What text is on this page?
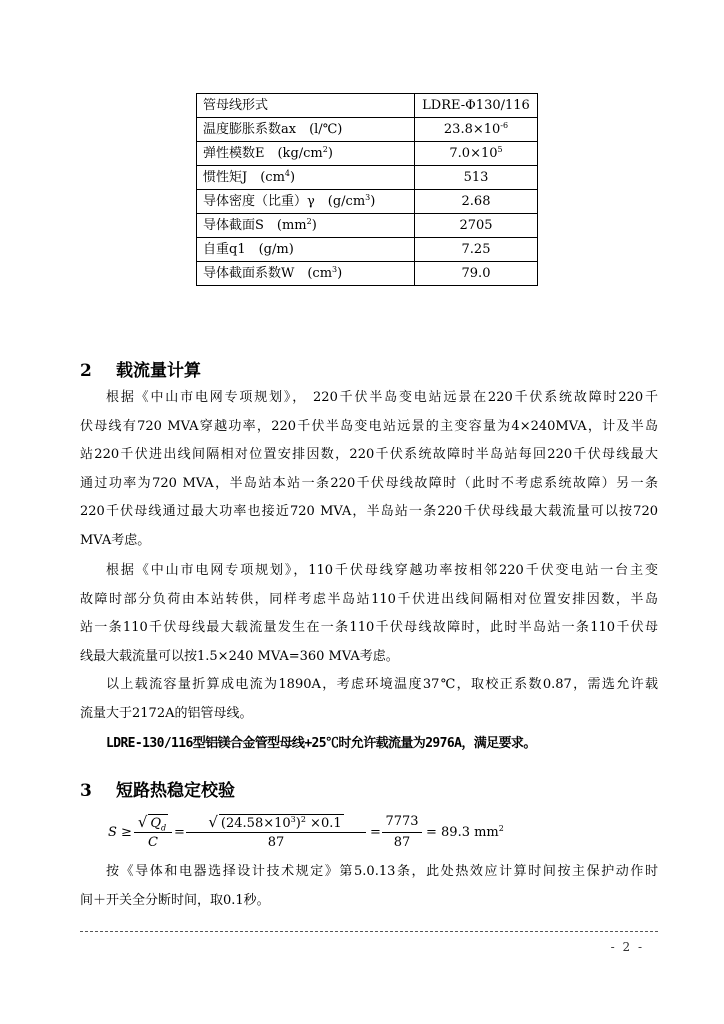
管母线形式	LDRE-Φ130/116
温度膨胀系数ax　(l/℃)	$23.8\times 10^{-6}$
弹性模数E　$(kg/cm^2)$	$7.0\times 10^5$
惯性矩J　$(cm^4)$	513
导体密度（比重）γ　$(g/cm^3)$	2.68
导体截面S　$(mm^2)$	2705
自重q1　(g/m)	7.25
导体截面系数W　$(cm^3)$	79.0
2 载流量计算
根据《中山市电网专项规划》， 220千伏半岛变电站远景在220千伏系统故障时220千
伏母线有720 MVA穿越功率，220千伏半岛变电站远景的主变容量为4×240MVA，计及半岛
站220千伏进出线间隔相对位置安排因数，220千伏系统故障时半岛站每回220千伏母线最大
通过功率为720 MVA，半岛站本站一条220千伏母线故障时（此时不考虑系统故障）另一条
220千伏母线通过最大功率也接近720 MVA，半岛站一条220千伏母线最大载流量可以按720
MVA考虑。
根据《中山市电网专项规划》，110千伏母线穿越功率按相邻220千伏变电站一台主变
故障时部分负荷由本站转供，同样考虑半岛站110千伏进出线间隔相对位置安排因数，半岛
站一条110千伏母线最大载流量发生在一条110千伏母线故障时，此时半岛站一条110千伏母
线最大载流量可以按1.5×240 MVA=360 MVA考虑。
以上载流容量折算成电流为1890A，考虑环境温度37℃，取校正系数0.87，需选允许载
流量大于2172A的铝管母线。
LDRE-130/116型铝镁合金管型母线+25℃时允许载流量为2976A，满足要求。
3 短路热稳定校验
S ≥
√ $Q_d$
C
=
√ $(24.58\times 10^3)^2 \times 0.1$
87
=
7773
87
= 89.3 $mm^2$
按《导体和电器选择设计技术规定》第5.0.13条，此处热效应计算时间按主保护动作时
间＋开关全分断时间，取0.1秒。
- 2 -
